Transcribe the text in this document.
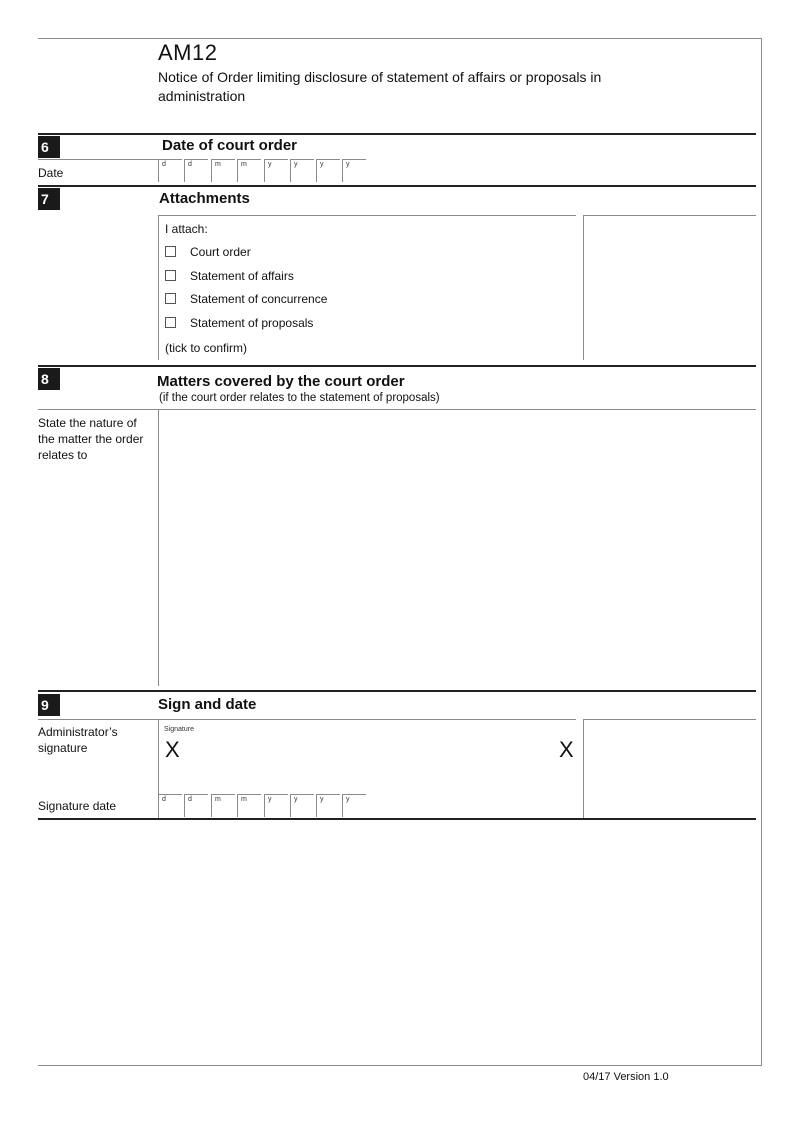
AM12
Notice of Order limiting disclosure of statement of affairs or proposals in administration
6	Date of court order
Date
d	d	m	m	y	y	y	y
7	Attachments
I attach:
Court order
Statement of affairs
Statement of concurrence
Statement of proposals
(tick to confirm)
8	Matters covered by the court order
(if the court order relates to the statement of proposals)
State the nature of the matter the order relates to
9	Sign and date
Administrator’s signature
Signature
X	X
Signature date	d	d	m	m	y	y	y	y
04/17 Version 1.0
